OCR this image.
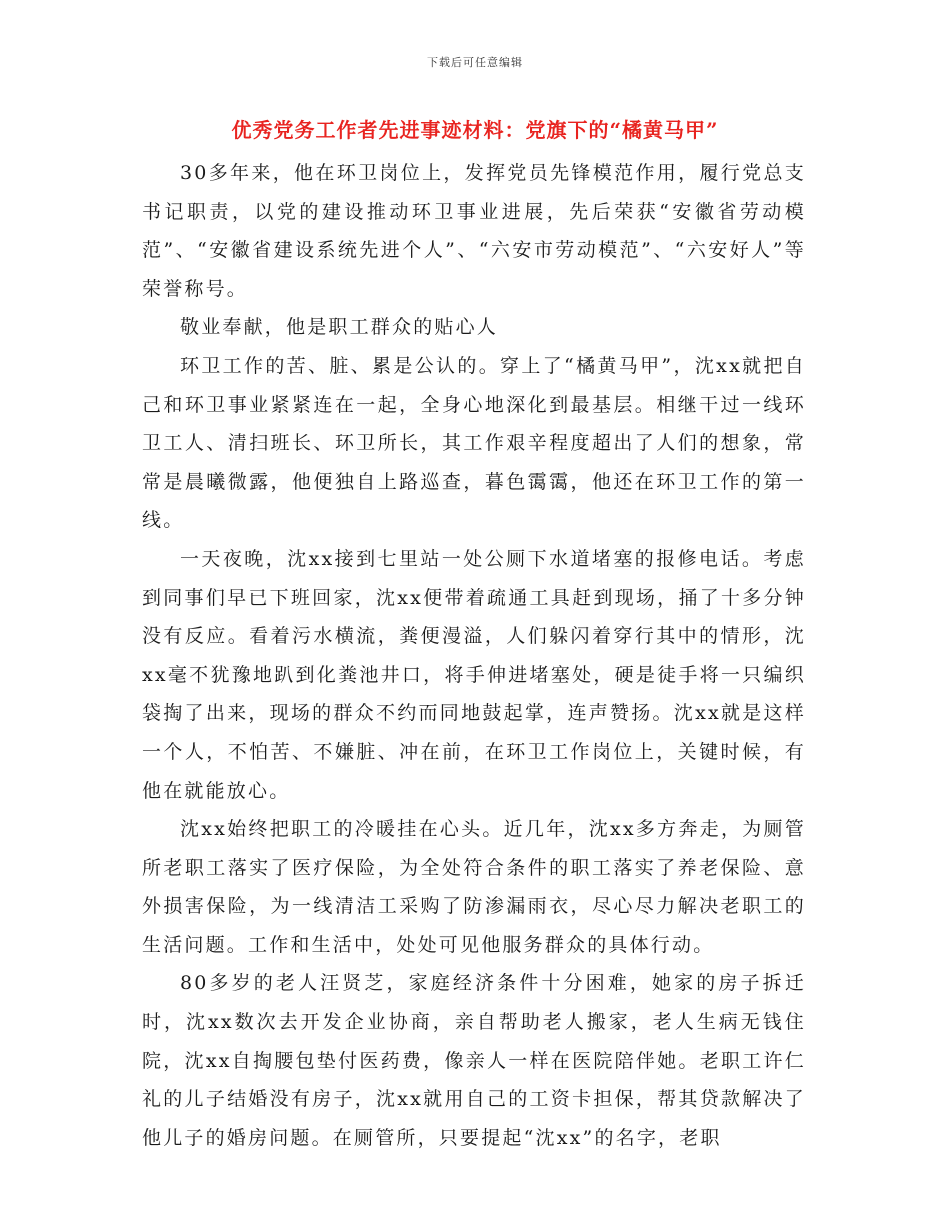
下载后可任意编辑
优秀党务工作者先进事迹材料：党旗下的“橘黄马甲”

30多年来，他在环卫岗位上，发挥党员先锋模范作用，履行党总支书记职责，以党的建设推动环卫事业进展，先后荣获“安徽省劳动模范”、“安徽省建设系统先进个人”、“六安市劳动模范”、“六安好人”等荣誉称号。

敬业奉献，他是职工群众的贴心人

环卫工作的苦、脏、累是公认的。穿上了“橘黄马甲”，沈xx就把自己和环卫事业紧紧连在一起，全身心地深化到最基层。相继干过一线环卫工人、清扫班长、环卫所长，其工作艰辛程度超出了人们的想象，常常是晨曦微露，他便独自上路巡查，暮色霭霭，他还在环卫工作的第一线。

一天夜晚，沈xx接到七里站一处公厕下水道堵塞的报修电话。考虑到同事们早已下班回家，沈xx便带着疏通工具赶到现场，捅了十多分钟没有反应。看着污水横流，粪便漫溢，人们躲闪着穿行其中的情形，沈xx毫不犹豫地趴到化粪池井口，将手伸进堵塞处，硬是徒手将一只编织袋掏了出来，现场的群众不约而同地鼓起掌，连声赞扬。沈xx就是这样一个人，不怕苦、不嫌脏、冲在前，在环卫工作岗位上，关键时候，有他在就能放心。

沈xx始终把职工的冷暖挂在心头。近几年，沈xx多方奔走，为厕管所老职工落实了医疗保险，为全处符合条件的职工落实了养老保险、意外损害保险，为一线清洁工采购了防渗漏雨衣，尽心尽力解决老职工的生活问题。工作和生活中，处处可见他服务群众的具体行动。

80多岁的老人汪贤芝，家庭经济条件十分困难，她家的房子拆迁时，沈xx数次去开发企业协商，亲自帮助老人搬家，老人生病无钱住院，沈xx自掏腰包垫付医药费，像亲人一样在医院陪伴她。老职工许仁礼的儿子结婚没有房子，沈xx就用自己的工资卡担保，帮其贷款解决了他儿子的婚房问题。在厕管所，只要提起“沈xx”的名字，老职
